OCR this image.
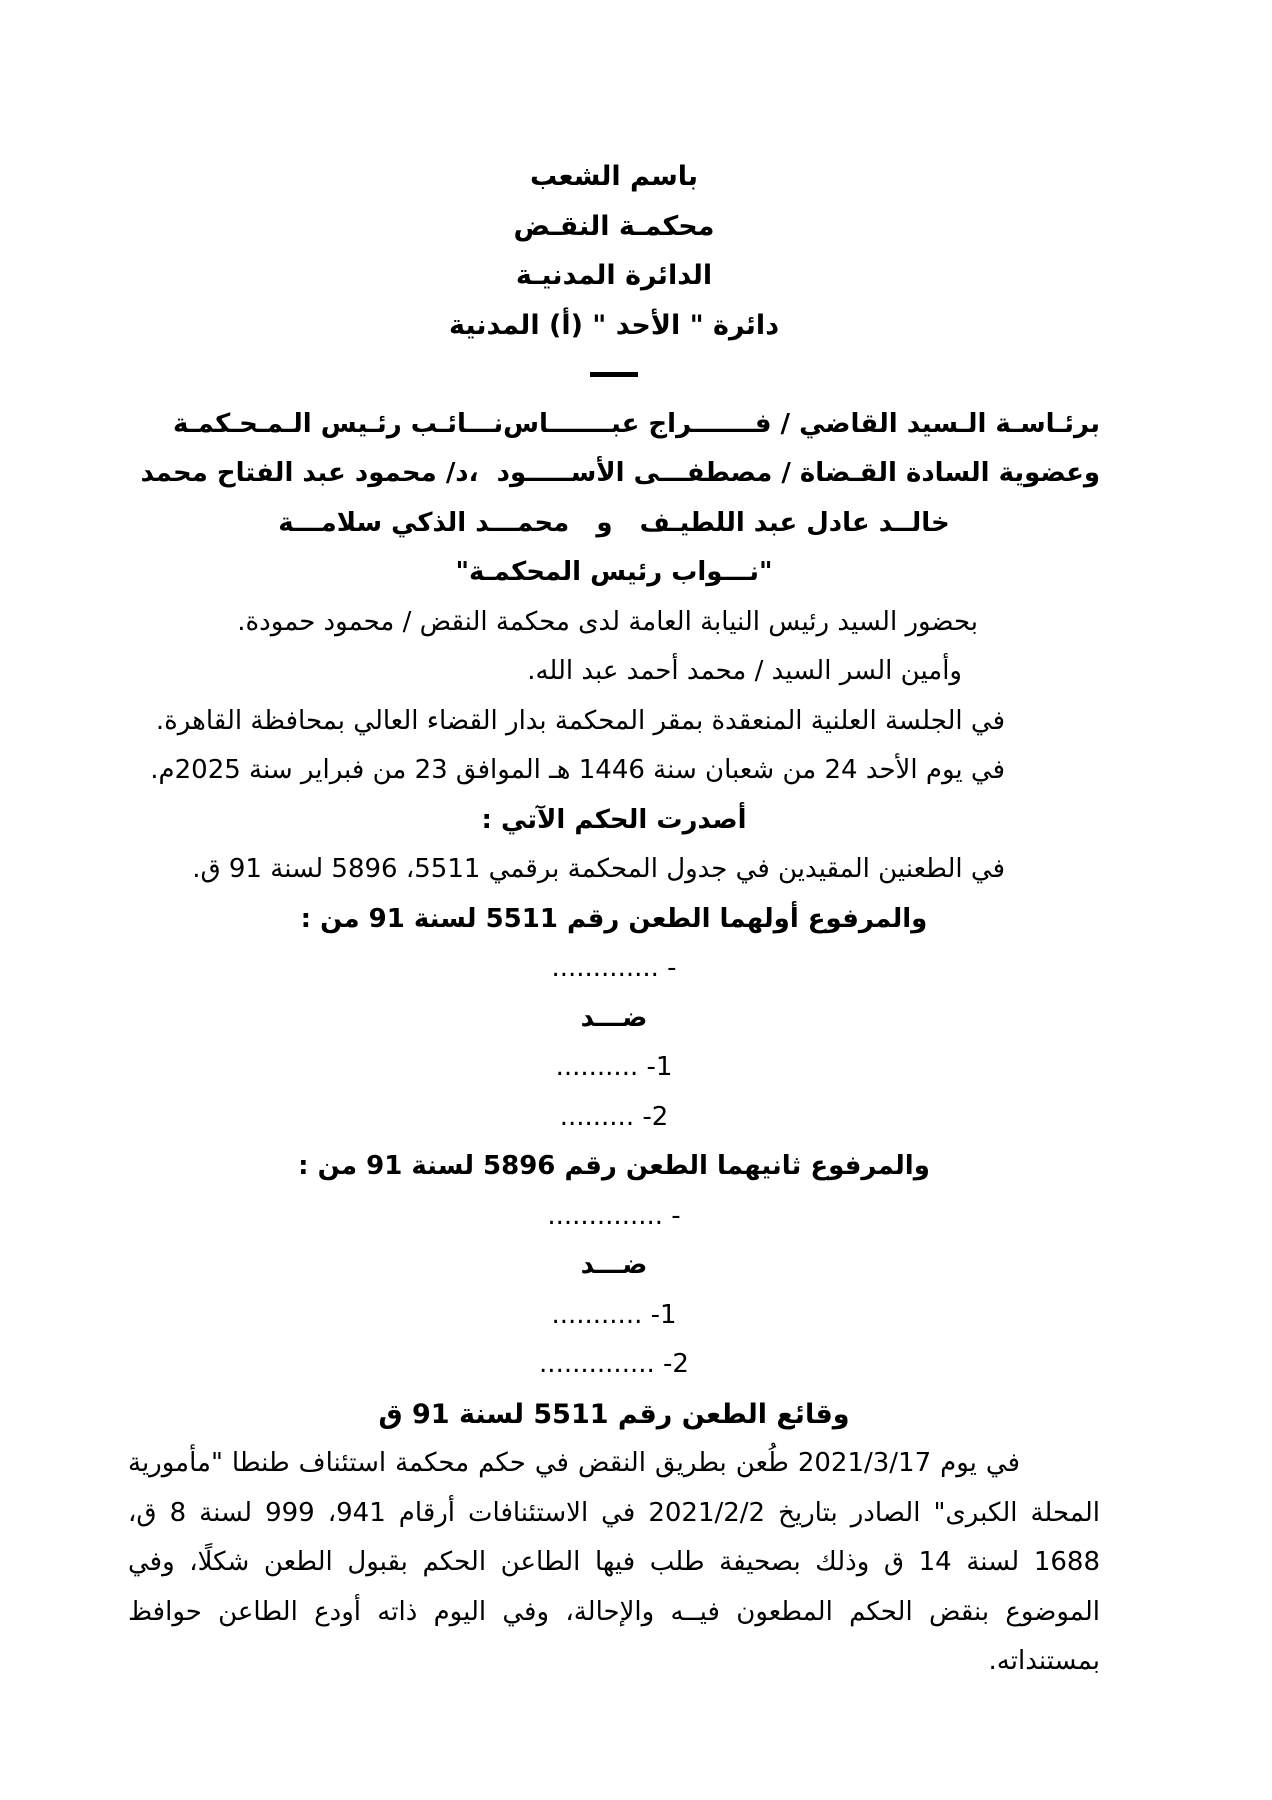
باسم الشعب
محكمـة النقـض
الدائرة المدنيـة
دائرة " الأحد " (أ) المدنية
برئـاسـة الـسيد القاضي / فـــــــراج عبـــــــاس
نـــائـب رئـيس الـمـحـكمـة
وعضوية السادة القـضاة / مصطفـــى الأســـــود  ،
د/ محمود عبد الفتاح محمد
خالــد عادل عبد اللطيـف   و   محمـــد الذكي سلامـــة
"نـــواب رئيس المحكمـة"
بحضور السيد رئيس النيابة العامة لدى محكمة النقض / محمود حمودة.
وأمين السر السيد / محمد أحمد عبد الله.
في الجلسة العلنية المنعقدة بمقر المحكمة بدار القضاء العالي بمحافظة القاهرة.
في يوم الأحد 24 من شعبان سنة 1446 هـ الموافق 23 من فبراير سنة 2025م.
أصدرت الحكم الآتي :
في الطعنين المقيدين في جدول المحكمة برقمي 5511، 5896 لسنة 91 ق.
والمرفوع أولهما الطعن رقم 5511 لسنة 91 من :
- .............
ضـــد
1- ..........
2- .........
والمرفوع ثانيهما الطعن رقم 5896 لسنة 91 من :
- ..............
ضـــد
1- ...........
2- ..............
وقائع الطعن رقم 5511 لسنة 91 ق
في يوم 2021/3/17 طُعن بطريق النقض في حكم محكمة استئناف طنطا "مأمورية المحلة الكبرى" الصادر بتاريخ 2021/2/2 في الاستئنافات أرقام 941، 999 لسنة 8 ق، 1688 لسنة 14 ق وذلك بصحيفة طلب فيها الطاعن الحكم بقبول الطعن شكلًا، وفي الموضوع بنقض الحكم المطعون فيــه والإحالة، وفي اليوم ذاته أودع الطاعن حوافظ بمستنداته.
